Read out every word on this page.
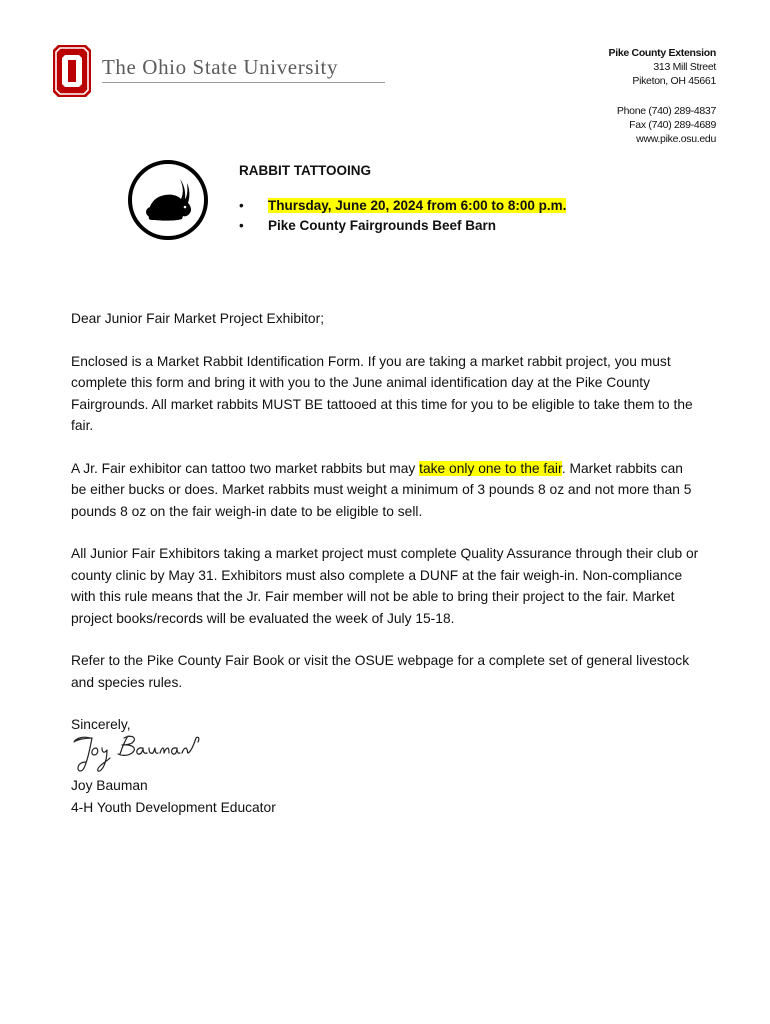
The Ohio State University
Pike County Extension
313 Mill Street
Piketon, OH 45661
Phone (740) 289-4837
Fax (740) 289-4689
www.pike.osu.edu
RABBIT TATTOOING
• Thursday, June 20, 2024 from 6:00 to 8:00 p.m.
• Pike County Fairgrounds Beef Barn

Dear Junior Fair Market Project Exhibitor;

Enclosed is a Market Rabbit Identification Form. If you are taking a market rabbit project, you must complete this form and bring it with you to the June animal identification day at the Pike County Fairgrounds. All market rabbits MUST BE tattooed at this time for you to be eligible to take them to the fair.

A Jr. Fair exhibitor can tattoo two market rabbits but may take only one to the fair. Market rabbits can be either bucks or does. Market rabbits must weight a minimum of 3 pounds 8 oz and not more than 5 pounds 8 oz on the fair weigh-in date to be eligible to sell.

All Junior Fair Exhibitors taking a market project must complete Quality Assurance through their club or county clinic by May 31. Exhibitors must also complete a DUNF at the fair weigh-in. Non-compliance with this rule means that the Jr. Fair member will not be able to bring their project to the fair. Market project books/records will be evaluated the week of July 15-18.

Refer to the Pike County Fair Book or visit the OSUE webpage for a complete set of general livestock and species rules.

Sincerely,

Joy Bauman
4-H Youth Development Educator
